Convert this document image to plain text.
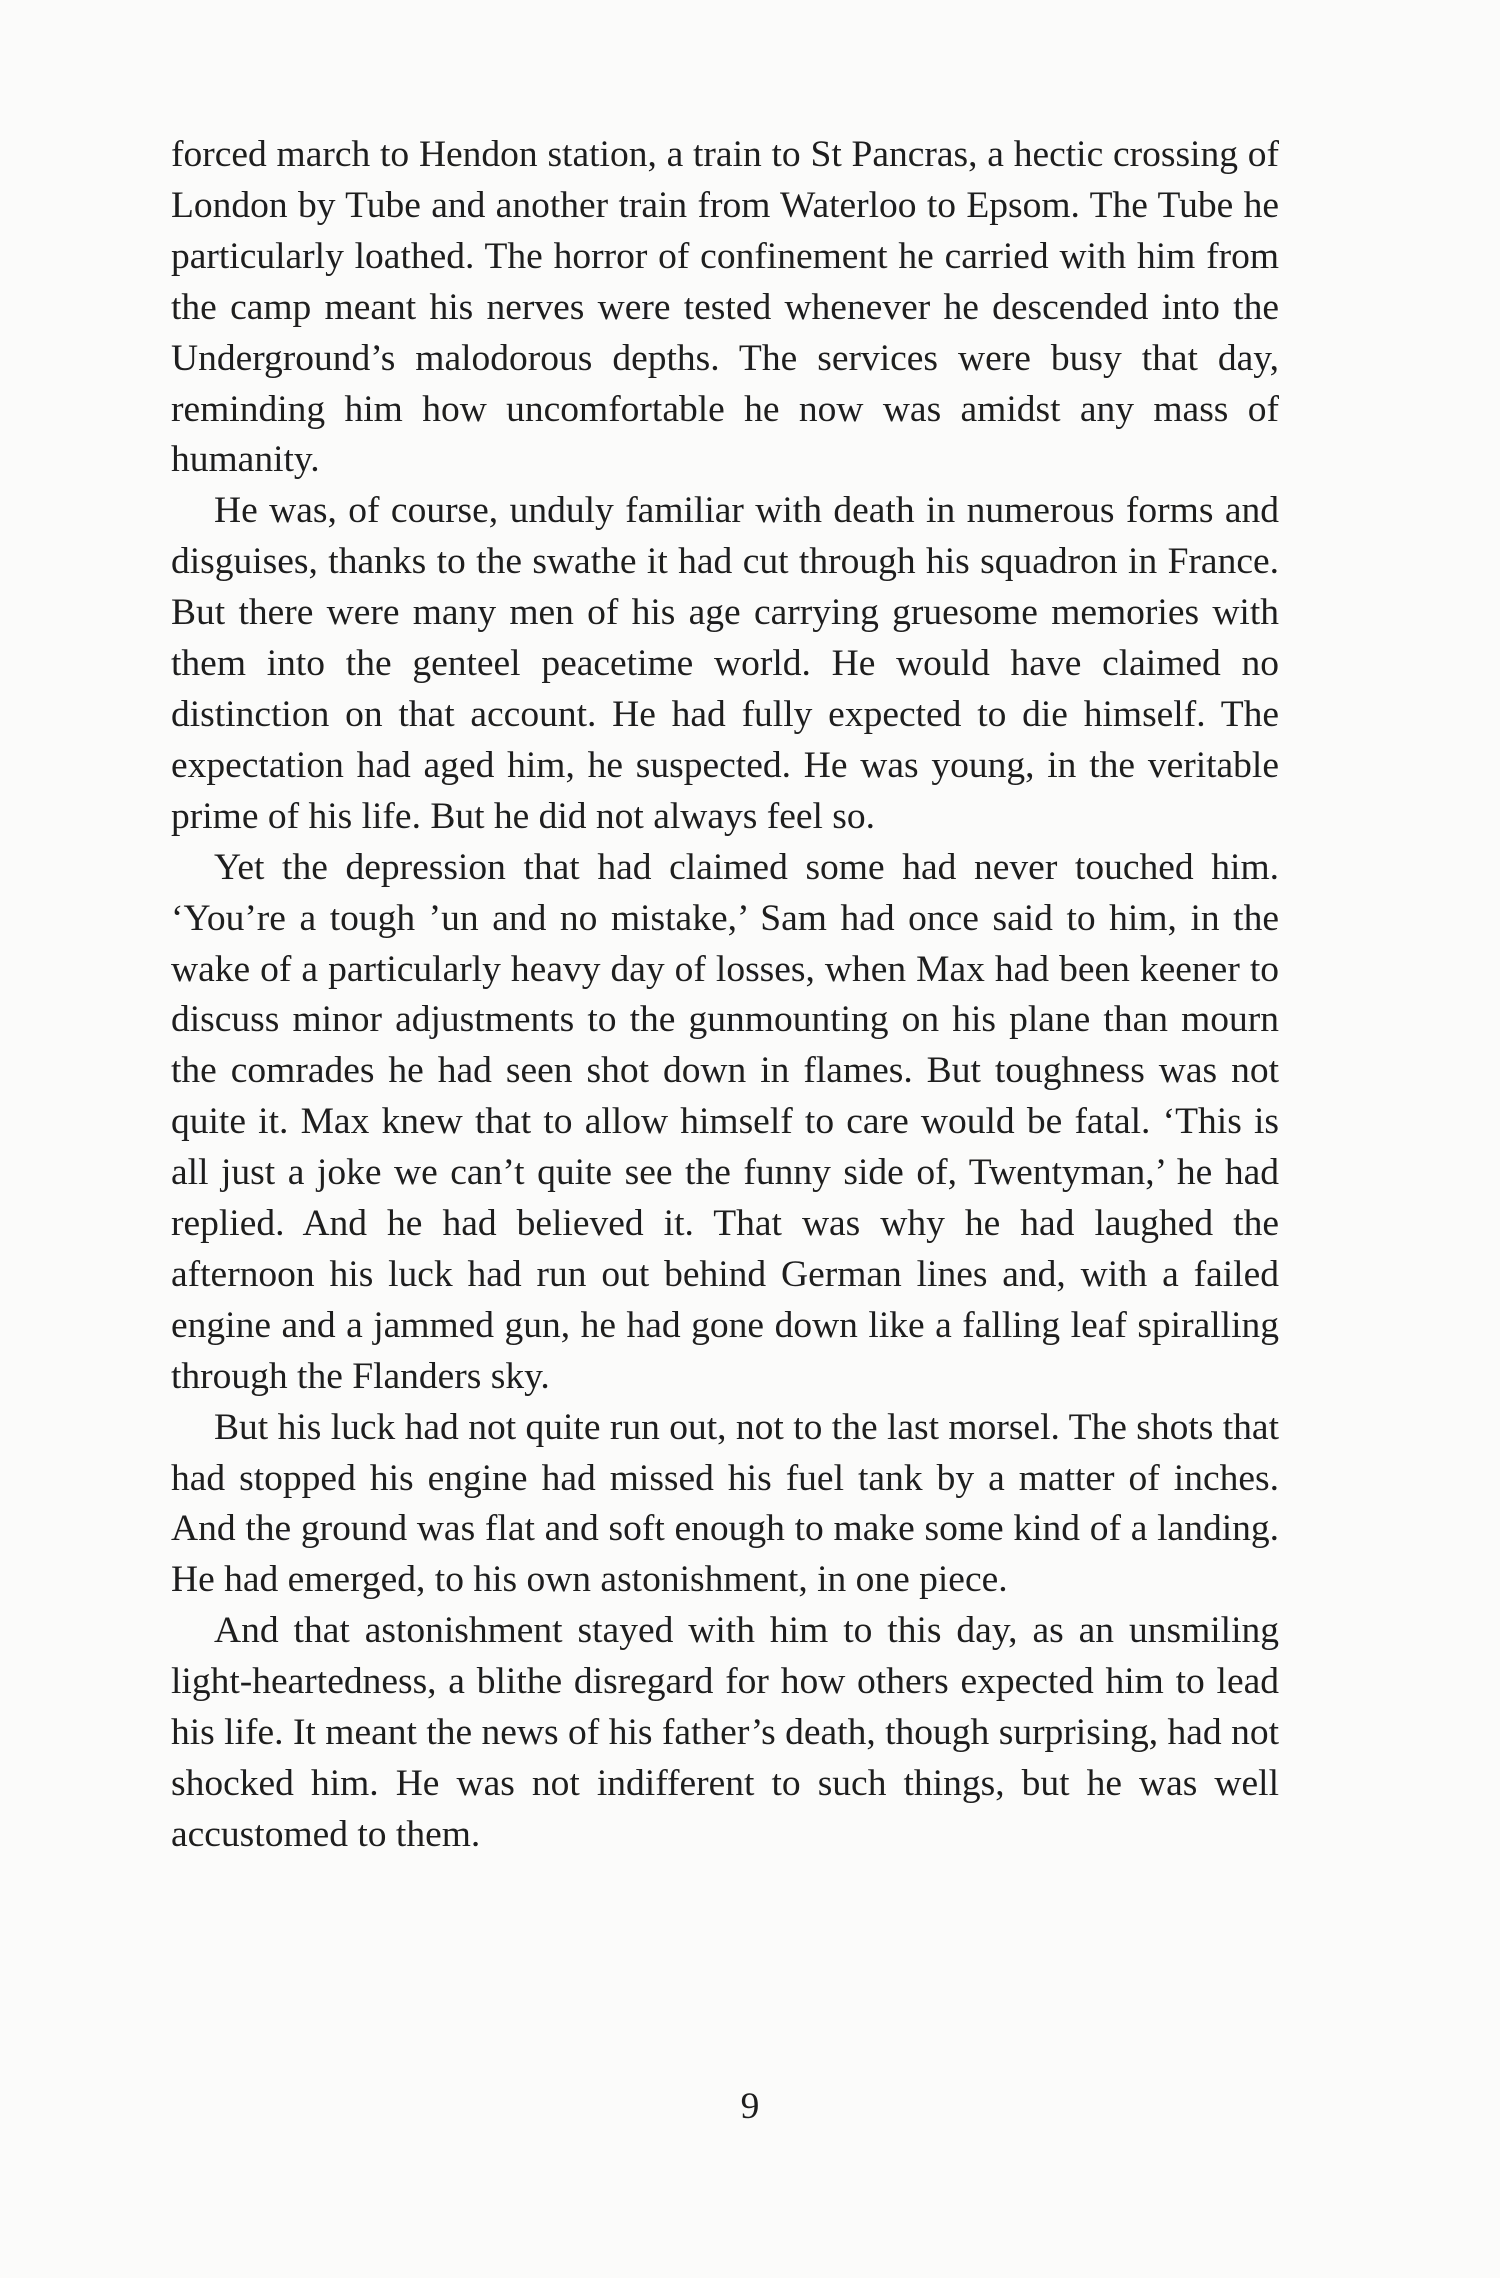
forced march to Hendon station, a train to St Pancras, a hectic crossing of London by Tube and another train from Waterloo to Epsom. The Tube he particularly loathed. The horror of confinement he carried with him from the camp meant his nerves were tested whenever he descended into the Underground’s malodorous depths. The services were busy that day, reminding him how uncomfortable he now was amidst any mass of humanity.

He was, of course, unduly familiar with death in numerous forms and disguises, thanks to the swathe it had cut through his squadron in France. But there were many men of his age carrying gruesome memories with them into the genteel peacetime world. He would have claimed no distinction on that account. He had fully expected to die himself. The expectation had aged him, he suspected. He was young, in the veritable prime of his life. But he did not always feel so.

Yet the depression that had claimed some had never touched him. ‘You’re a tough ’un and no mistake,’ Sam had once said to him, in the wake of a particularly heavy day of losses, when Max had been keener to discuss minor adjustments to the gunmounting on his plane than mourn the comrades he had seen shot down in flames. But toughness was not quite it. Max knew that to allow himself to care would be fatal. ‘This is all just a joke we can’t quite see the funny side of, Twentyman,’ he had replied. And he had believed it. That was why he had laughed the afternoon his luck had run out behind German lines and, with a failed engine and a jammed gun, he had gone down like a falling leaf spiralling through the Flanders sky.

But his luck had not quite run out, not to the last morsel. The shots that had stopped his engine had missed his fuel tank by a matter of inches. And the ground was flat and soft enough to make some kind of a landing. He had emerged, to his own astonishment, in one piece.

And that astonishment stayed with him to this day, as an unsmiling light-heartedness, a blithe disregard for how others expected him to lead his life. It meant the news of his father’s death, though surprising, had not shocked him. He was not indifferent to such things, but he was well accustomed to them.

9
